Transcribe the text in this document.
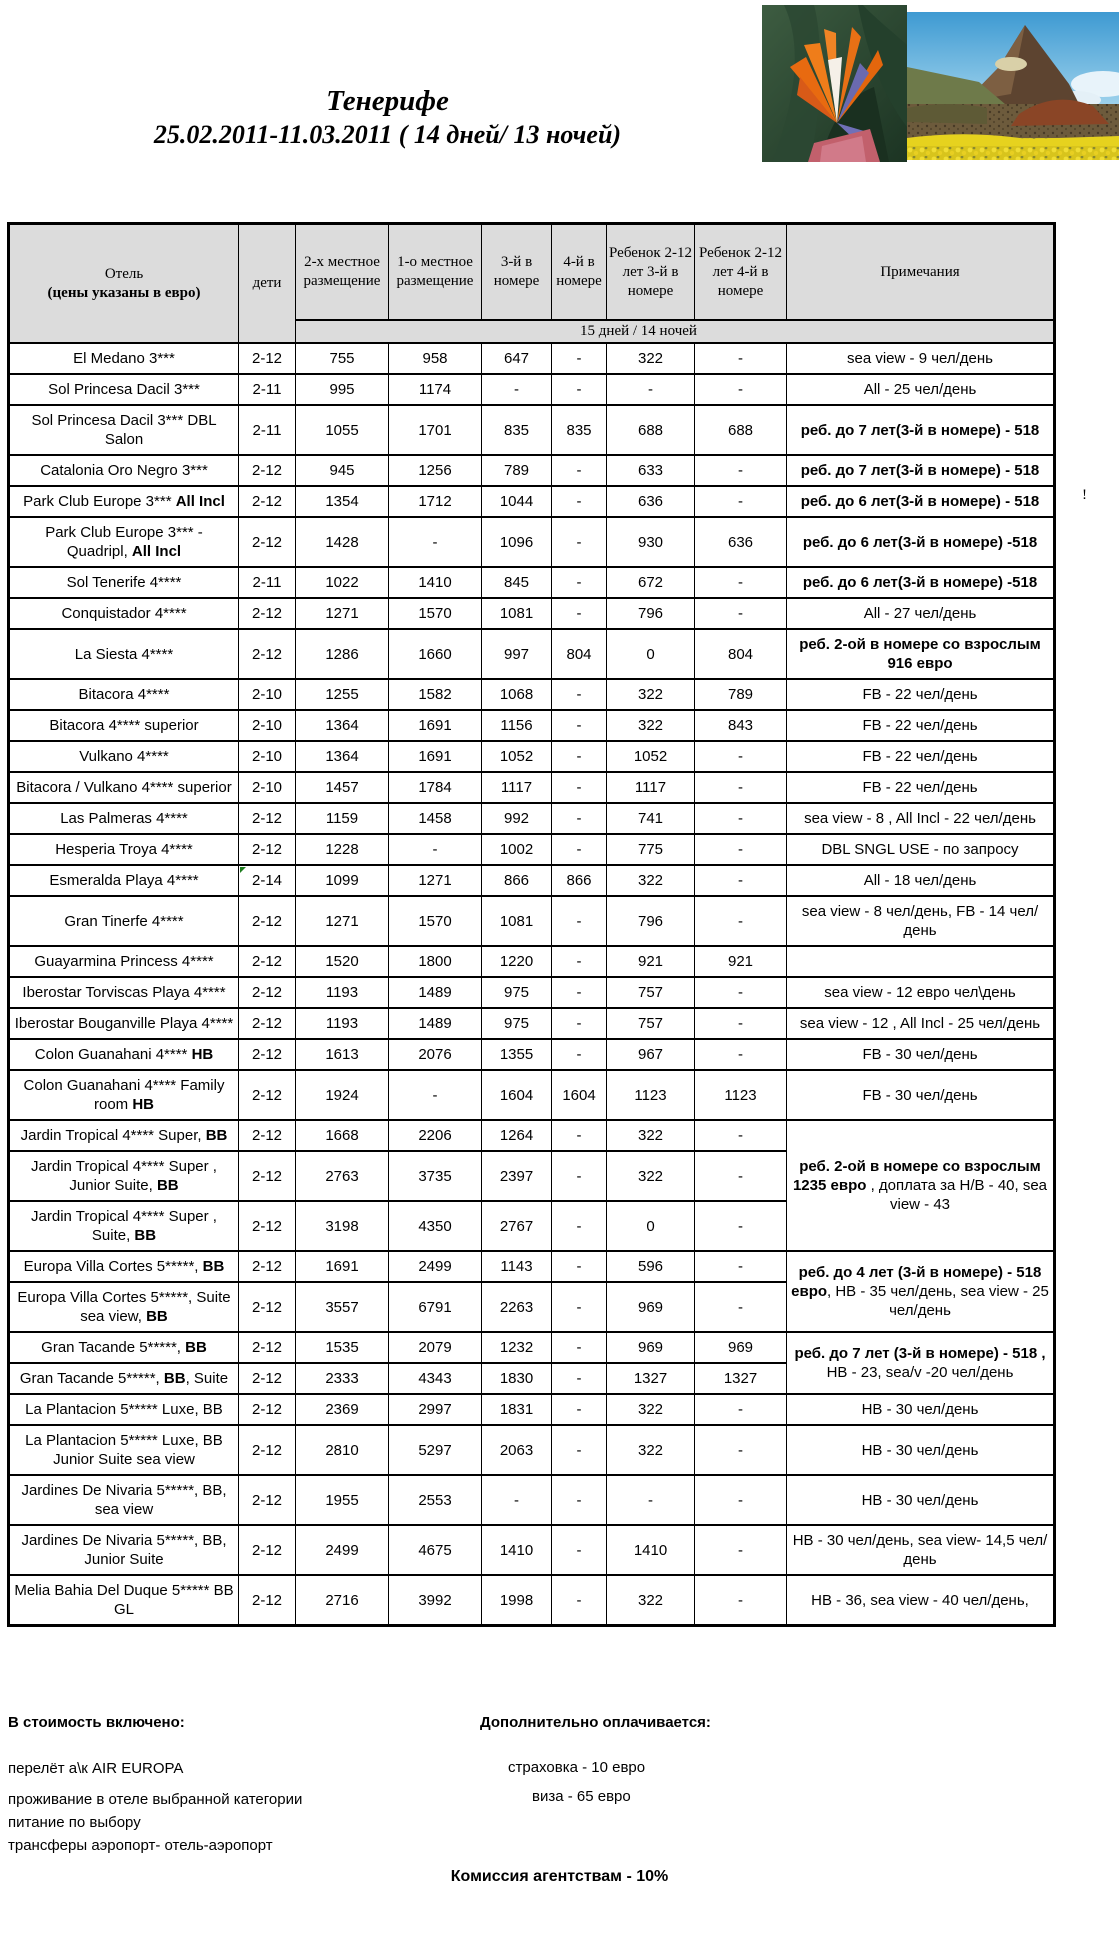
Тенерифе
25.02.2011-11.03.2011 ( 14 дней/ 13 ночей)
Отель
(цены указаны в евро)	дети	2-х местное размещение	1-о местное размещение	3-й в номере	4-й в номере	Ребенок 2-12 лет 3-й в номере	Ребенок 2-12 лет 4-й в номере	Примечания
		15 дней / 14 ночей						
El Medano 3***	2-12	755	958	647	-	322	-	sea view - 9 чел/день
Sol Princesa Dacil 3***	2-11	995	1174	-	-	-	-	All - 25 чел/день
Sol Princesa Dacil 3*** DBL Salon	2-11	1055	1701	835	835	688	688	реб. до 7 лет(3-й в номере) - 518
Catalonia Oro Negro 3***	2-12	945	1256	789	-	633	-	реб. до 7 лет(3-й в номере) - 518
Park Club Europe 3*** All Incl	2-12	1354	1712	1044	-	636	-	реб. до 6 лет(3-й в номере) - 518
Park Club Europe 3*** - Quadripl, All Incl	2-12	1428	-	1096	-	930	636	реб. до 6 лет(3-й в номере) -518
Sol Tenerife 4****	2-11	1022	1410	845	-	672	-	реб. до 6 лет(3-й в номере) -518
Conquistador 4****	2-12	1271	1570	1081	-	796	-	All - 27 чел/день
La Siesta 4****	2-12	1286	1660	997	804	0	804	реб. 2-ой в номере со взрослым 916 евро
Bitacora 4****	2-10	1255	1582	1068	-	322	789	FB - 22 чел/день
Bitacora 4**** superior	2-10	1364	1691	1156	-	322	843	FB - 22 чел/день
Vulkano 4****	2-10	1364	1691	1052	-	1052	-	FB - 22 чел/день
Bitacora / Vulkano 4**** superior	2-10	1457	1784	1117	-	1117	-	FB - 22 чел/день
Las Palmeras 4****	2-12	1159	1458	992	-	741	-	sea view - 8 , All Incl - 22 чел/день
Hesperia Troya 4****	2-12	1228	-	1002	-	775	-	DBL SNGL USE - по запросу
Esmeralda Playa 4****	2-14	1099	1271	866	866	322	-	All - 18 чел/день
Gran Tinerfe 4****	2-12	1271	1570	1081	-	796	-	sea view - 8 чел/день, FB - 14 чел/день
Guayarmina Princess 4****	2-12	1520	1800	1220	-	921	921	
Iberostar Torviscas Playa 4****	2-12	1193	1489	975	-	757	-	sea view - 12 евро чел\день
Iberostar Bouganville Playa 4****	2-12	1193	1489	975	-	757	-	sea view - 12 , All Incl - 25 чел/день
Colon Guanahani 4**** HB	2-12	1613	2076	1355	-	967	-	FB - 30 чел/день
Colon Guanahani 4**** Family room HB	2-12	1924	-	1604	1604	1123	1123	FB - 30 чел/день
Jardin Tropical 4**** Super, BB	2-12	1668	2206	1264	-	322	-	реб. 2-ой в номере со взрослым 1235 евро , доплата за H/B - 40, sea view - 43
Jardin Tropical 4**** Super , Junior Suite, BB	2-12	2763	3735	2397	-	322	-	
Jardin Tropical 4**** Super , Suite, BB	2-12	3198	4350	2767	-	0	-	
Europa Villa Cortes 5*****, BB	2-12	1691	2499	1143	-	596	-	реб. до 4 лет (3-й в номере) - 518 евро, HB - 35 чел/день, sea view - 25 чел/день
Europa Villa Cortes 5*****, Suite sea view, BB	2-12	3557	6791	2263	-	969	-	
Gran Tacande 5*****, BB	2-12	1535	2079	1232	-	969	969	реб. до 7 лет (3-й в номере) - 518 , HB - 23, sea/v -20 чел/день
Gran Tacande 5*****, BB, Suite	2-12	2333	4343	1830	-	1327	1327	
La Plantacion 5***** Luxe, BB	2-12	2369	2997	1831	-	322	-	HB - 30 чел/день
La Plantacion 5***** Luxe, BB Junior Suite sea view	2-12	2810	5297	2063	-	322	-	HB - 30 чел/день
Jardines De Nivaria 5*****, BB, sea view	2-12	1955	2553	-	-	-	-	HB - 30 чел/день
Jardines De Nivaria 5*****, BB, Junior Suite	2-12	2499	4675	1410	-	1410	-	HB - 30 чел/день, sea view- 14,5 чел/день
Melia Bahia Del Duque 5***** BB GL	2-12	2716	3992	1998	-	322	-	HB - 36, sea view - 40 чел/день,
В стоимость включено:

перелёт а\к AIR EUROPA

проживание в отеле выбранной категории

питание по выбору

трансферы аэропорт- отель-аэропорт

Дополнительно оплачивается:

страховка - 10 евро

виза - 65 евро

Комиссия агентствам - 10%
!
